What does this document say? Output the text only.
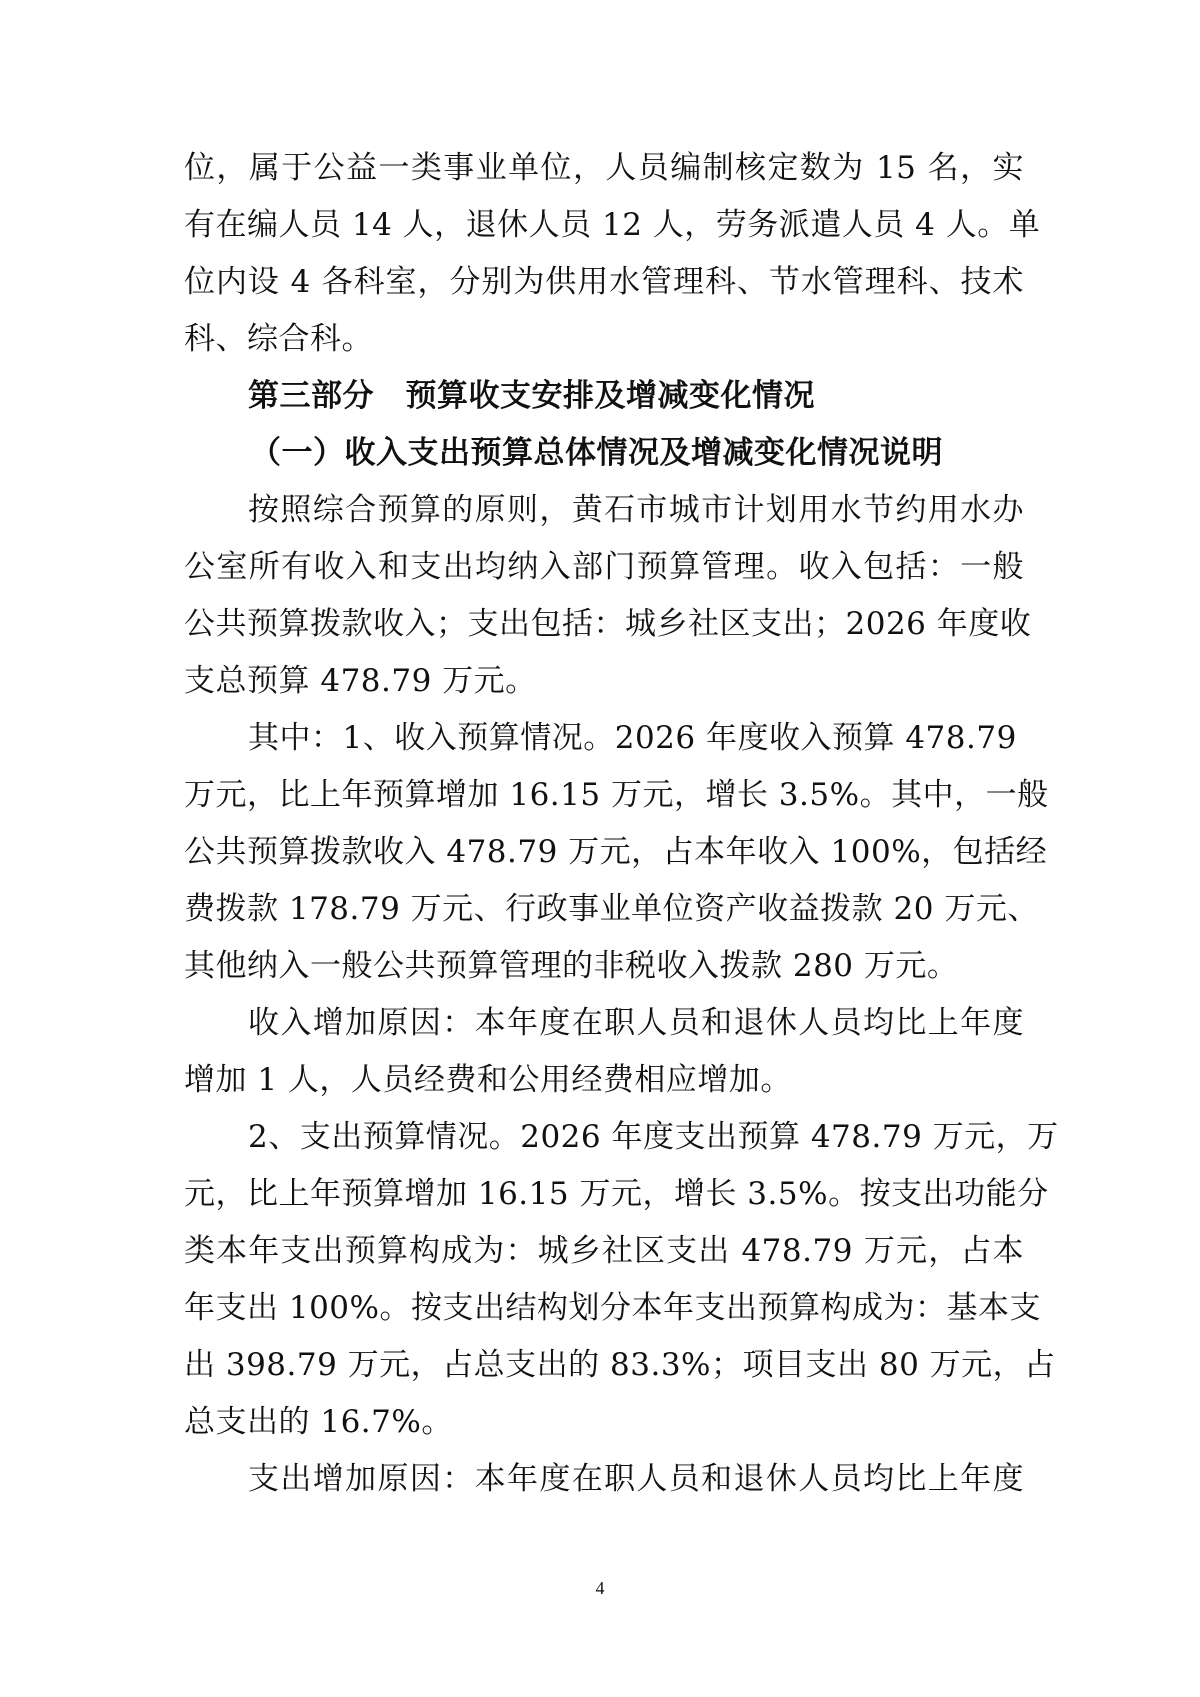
位，属于公益一类事业单位，人员编制核定数为 15 名，实
有在编人员 14 人，退休人员 12 人，劳务派遣人员 4 人。单
位内设 4 各科室，分别为供用水管理科、节水管理科、技术
科、综合科。
第三部分　预算收支安排及增减变化情况
（一）收入支出预算总体情况及增减变化情况说明
按照综合预算的原则，黄石市城市计划用水节约用水办
公室所有收入和支出均纳入部门预算管理。收入包括：一般
公共预算拨款收入；支出包括：城乡社区支出；2026 年度收
支总预算 478.79 万元。
其中：1、收入预算情况。2026 年度收入预算 478.79
万元，比上年预算增加 16.15 万元，增长 3.5%。其中，一般
公共预算拨款收入 478.79 万元，占本年收入 100%，包括经
费拨款 178.79 万元、行政事业单位资产收益拨款 20 万元、
其他纳入一般公共预算管理的非税收入拨款 280 万元。
收入增加原因：本年度在职人员和退休人员均比上年度
增加 1 人，人员经费和公用经费相应增加。
2、支出预算情况。2026 年度支出预算 478.79 万元，万
元，比上年预算增加 16.15 万元，增长 3.5%。按支出功能分
类本年支出预算构成为：城乡社区支出 478.79 万元，占本
年支出 100%。按支出结构划分本年支出预算构成为：基本支
出 398.79 万元，占总支出的 83.3%；项目支出 80 万元，占
总支出的 16.7%。
支出增加原因：本年度在职人员和退休人员均比上年度
4
